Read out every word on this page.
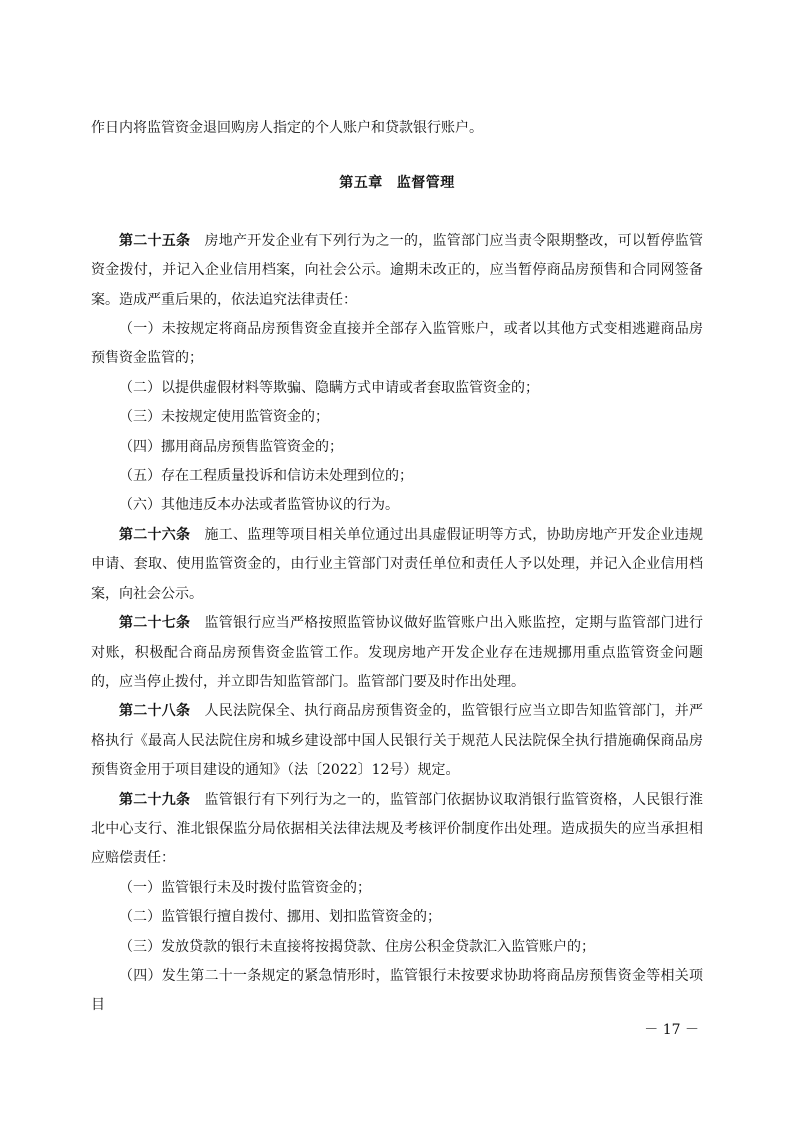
作日内将监管资金退回购房人指定的个人账户和贷款银行账户。

第五章 监督管理

第二十五条 房地产开发企业有下列行为之一的，监管部门应当责令限期整改，可以暂停监管资金拨付，并记入企业信用档案，向社会公示。逾期未改正的，应当暂停商品房预售和合同网签备案。造成严重后果的，依法追究法律责任：

（一）未按规定将商品房预售资金直接并全部存入监管账户，或者以其他方式变相逃避商品房预售资金监管的；

（二）以提供虚假材料等欺骗、隐瞒方式申请或者套取监管资金的；

（三）未按规定使用监管资金的；

（四）挪用商品房预售监管资金的；

（五）存在工程质量投诉和信访未处理到位的；

（六）其他违反本办法或者监管协议的行为。

第二十六条 施工、监理等项目相关单位通过出具虚假证明等方式，协助房地产开发企业违规申请、套取、使用监管资金的，由行业主管部门对责任单位和责任人予以处理，并记入企业信用档案，向社会公示。

第二十七条 监管银行应当严格按照监管协议做好监管账户出入账监控，定期与监管部门进行对账，积极配合商品房预售资金监管工作。发现房地产开发企业存在违规挪用重点监管资金问题的，应当停止拨付，并立即告知监管部门。监管部门要及时作出处理。

第二十八条 人民法院保全、执行商品房预售资金的，监管银行应当立即告知监管部门，并严格执行《最高人民法院住房和城乡建设部中国人民银行关于规范人民法院保全执行措施确保商品房预售资金用于项目建设的通知》（法〔2022〕12号）规定。

第二十九条 监管银行有下列行为之一的，监管部门依据协议取消银行监管资格，人民银行淮北中心支行、淮北银保监分局依据相关法律法规及考核评价制度作出处理。造成损失的应当承担相应赔偿责任：

（一）监管银行未及时拨付监管资金的；

（二）监管银行擅自拨付、挪用、划扣监管资金的；

（三）发放贷款的银行未直接将按揭贷款、住房公积金贷款汇入监管账户的；

（四）发生第二十一条规定的紧急情形时，监管银行未按要求协助将商品房预售资金等相关项目

－ 17 －
